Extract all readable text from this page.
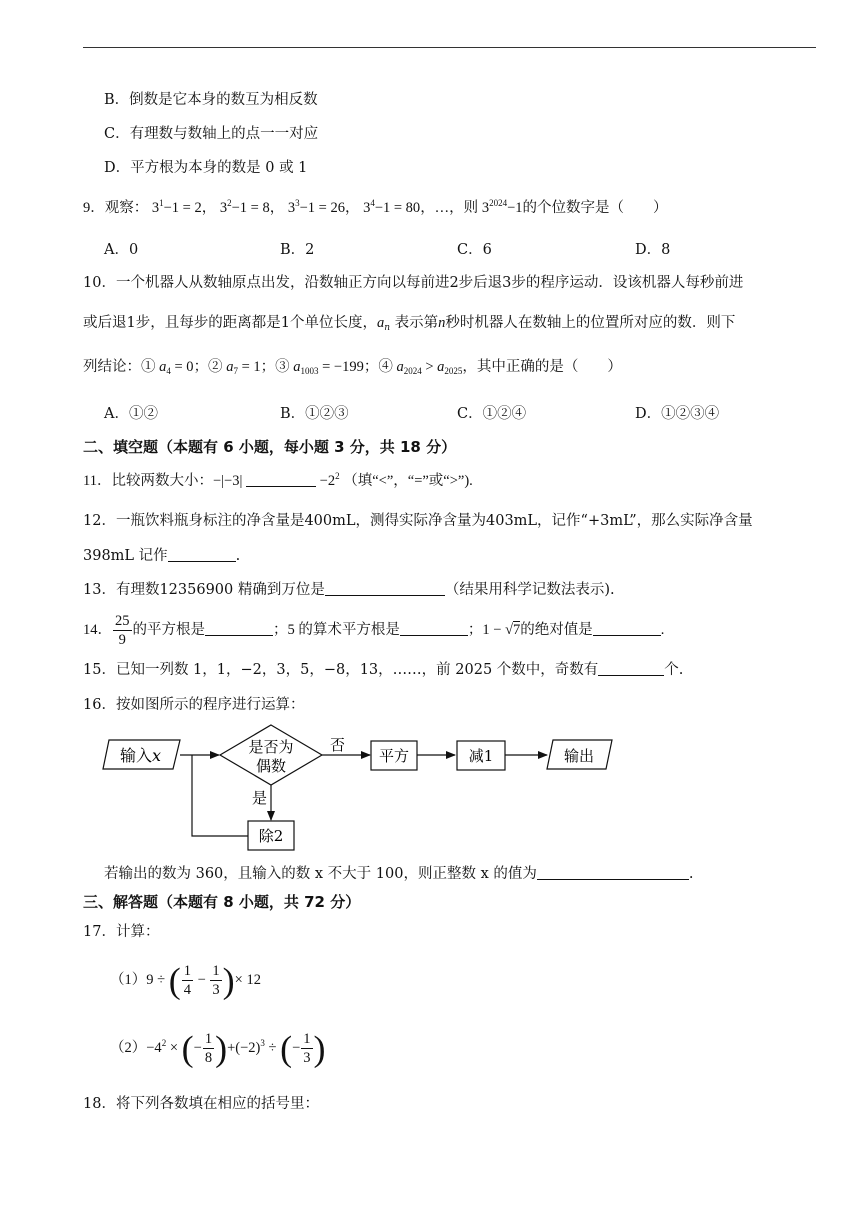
B．倒数是它本身的数互为相反数
C．有理数与数轴上的点一一对应
D．平方根为本身的数是 0 或 1
9．观察： $3^1-1 = 2$， $3^2-1 = 8$， $3^3-1 = 26$， $3^4-1 = 80$，…，则 $3^{2024}-1$的个位数字是（　　）
A．0	B．2	C．6	D．8
10．一个机器人从数轴原点出发，沿数轴正方向以每前进2步后退3步的程序运动．设该机器人每秒前进
或后退1步，且每步的距离都是1个单位长度，$a_n$ 表示第n秒时机器人在数轴上的位置所对应的数．则下
列结论：① $a_4 = 0$；② $a_7 = 1$；③ $a_{1003} = -199$；④ $a_{2024} > a_{2025}$，其中正确的是（　　）
A．①②	B．①②③	C．①②④	D．①②③④
二、填空题（本题有 6 小题，每小题 3 分，共 18 分）
11．比较两数大小：−|−3|	$-2^2$ （填“<”，“=”或“>”).
12．一瓶饮料瓶身标注的净含量是400mL，测得实际净含量为403mL，记作“+3mL”，那么实际净含量
398mL 记作	.
13．有理数12356900 精确到万位是	（结果用科学记数法表示).
14． $\frac{25}{9}$ 的平方根是	；5 的算术平方根是	；1 − √7的绝对值是	.
15．已知一列数 1，1，−2，3，5，−8，13，……，前 2025 个数中，奇数有	个.
16．按如图所示的程序进行运算：
输入x	是否为
偶数
否
平方	减1	输出
是
除2
若输出的数为 360，且输入的数 x 不大于 100，则正整数 x 的值为	.
三、解答题（本题有 8 小题，共 72 分）
17．计算：
（1）9 ÷ ( $\frac{1}{4} - \frac{1}{3}$ )× 12
$(2)-4^2$ × (− $\frac{1}{8} )+(-2)^3$ ÷ (− $\frac{1}{3}$ )
18．将下列各数填在相应的括号里：
